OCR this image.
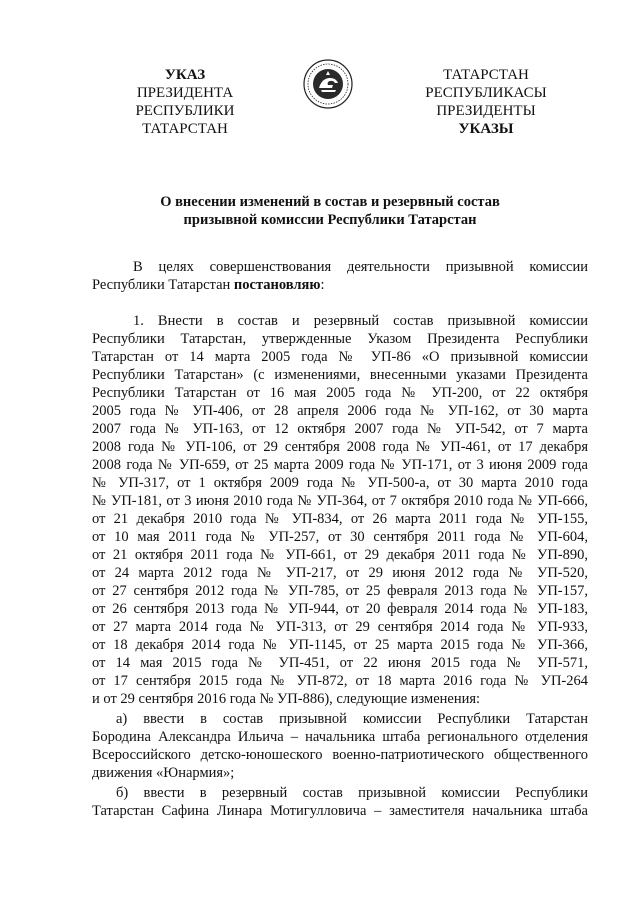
УКАЗ
ПРЕЗИДЕНТА
РЕСПУБЛИКИ ТАТАРСТАН
ТАТАРСТАН РЕСПУБЛИКАСЫ
ПРЕЗИДЕНТЫ
УКАЗЫ
О внесении изменений в состав и резервный состав
призывной комиссии Республики Татарстан
В целях совершенствования деятельности призывной комиссии
Республики Татарстан постановляю:
1. Внести в состав и резервный состав призывной комиссии
Республики Татарстан, утвержденные Указом Президента Республики
Татарстан от 14 марта 2005 года № УП-86 «О призывной комиссии
Республики Татарстан» (с изменениями, внесенными указами Президента
Республики Татарстан от 16 мая 2005 года № УП-200, от 22 октября
2005 года № УП-406, от 28 апреля 2006 года № УП-162, от 30 марта
2007 года № УП-163, от 12 октября 2007 года № УП-542, от 7 марта
2008 года № УП-106, от 29 сентября 2008 года № УП-461, от 17 декабря
2008 года № УП-659, от 25 марта 2009 года № УП-171, от 3 июня 2009 года
№ УП-317, от 1 октября 2009 года № УП-500-а, от 30 марта 2010 года
№ УП-181, от 3 июня 2010 года № УП-364, от 7 октября 2010 года № УП-666,
от 21 декабря 2010 года № УП-834, от 26 марта 2011 года № УП-155,
от 10 мая 2011 года № УП-257, от 30 сентября 2011 года № УП-604,
от 21 октября 2011 года № УП-661, от 29 декабря 2011 года № УП-890,
от 24 марта 2012 года № УП-217, от 29 июня 2012 года № УП-520,
от 27 сентября 2012 года № УП-785, от 25 февраля 2013 года № УП-157,
от 26 сентября 2013 года № УП-944, от 20 февраля 2014 года № УП-183,
от 27 марта 2014 года № УП-313, от 29 сентября 2014 года № УП-933,
от 18 декабря 2014 года № УП-1145, от 25 марта 2015 года № УП-366,
от 14 мая 2015 года № УП-451, от 22 июня 2015 года № УП-571,
от 17 сентября 2015 года № УП-872, от 18 марта 2016 года № УП-264
и от 29 сентября 2016 года № УП-886), следующие изменения:
а) ввести в состав призывной комиссии Республики Татарстан
Бородина Александра Ильича – начальника штаба регионального отделения
Всероссийского детско-юношеского военно-патриотического общественного
движения «Юнармия»;
б) ввести в резервный состав призывной комиссии Республики
Татарстан Сафина Линара Мотигулловича – заместителя начальника штаба
